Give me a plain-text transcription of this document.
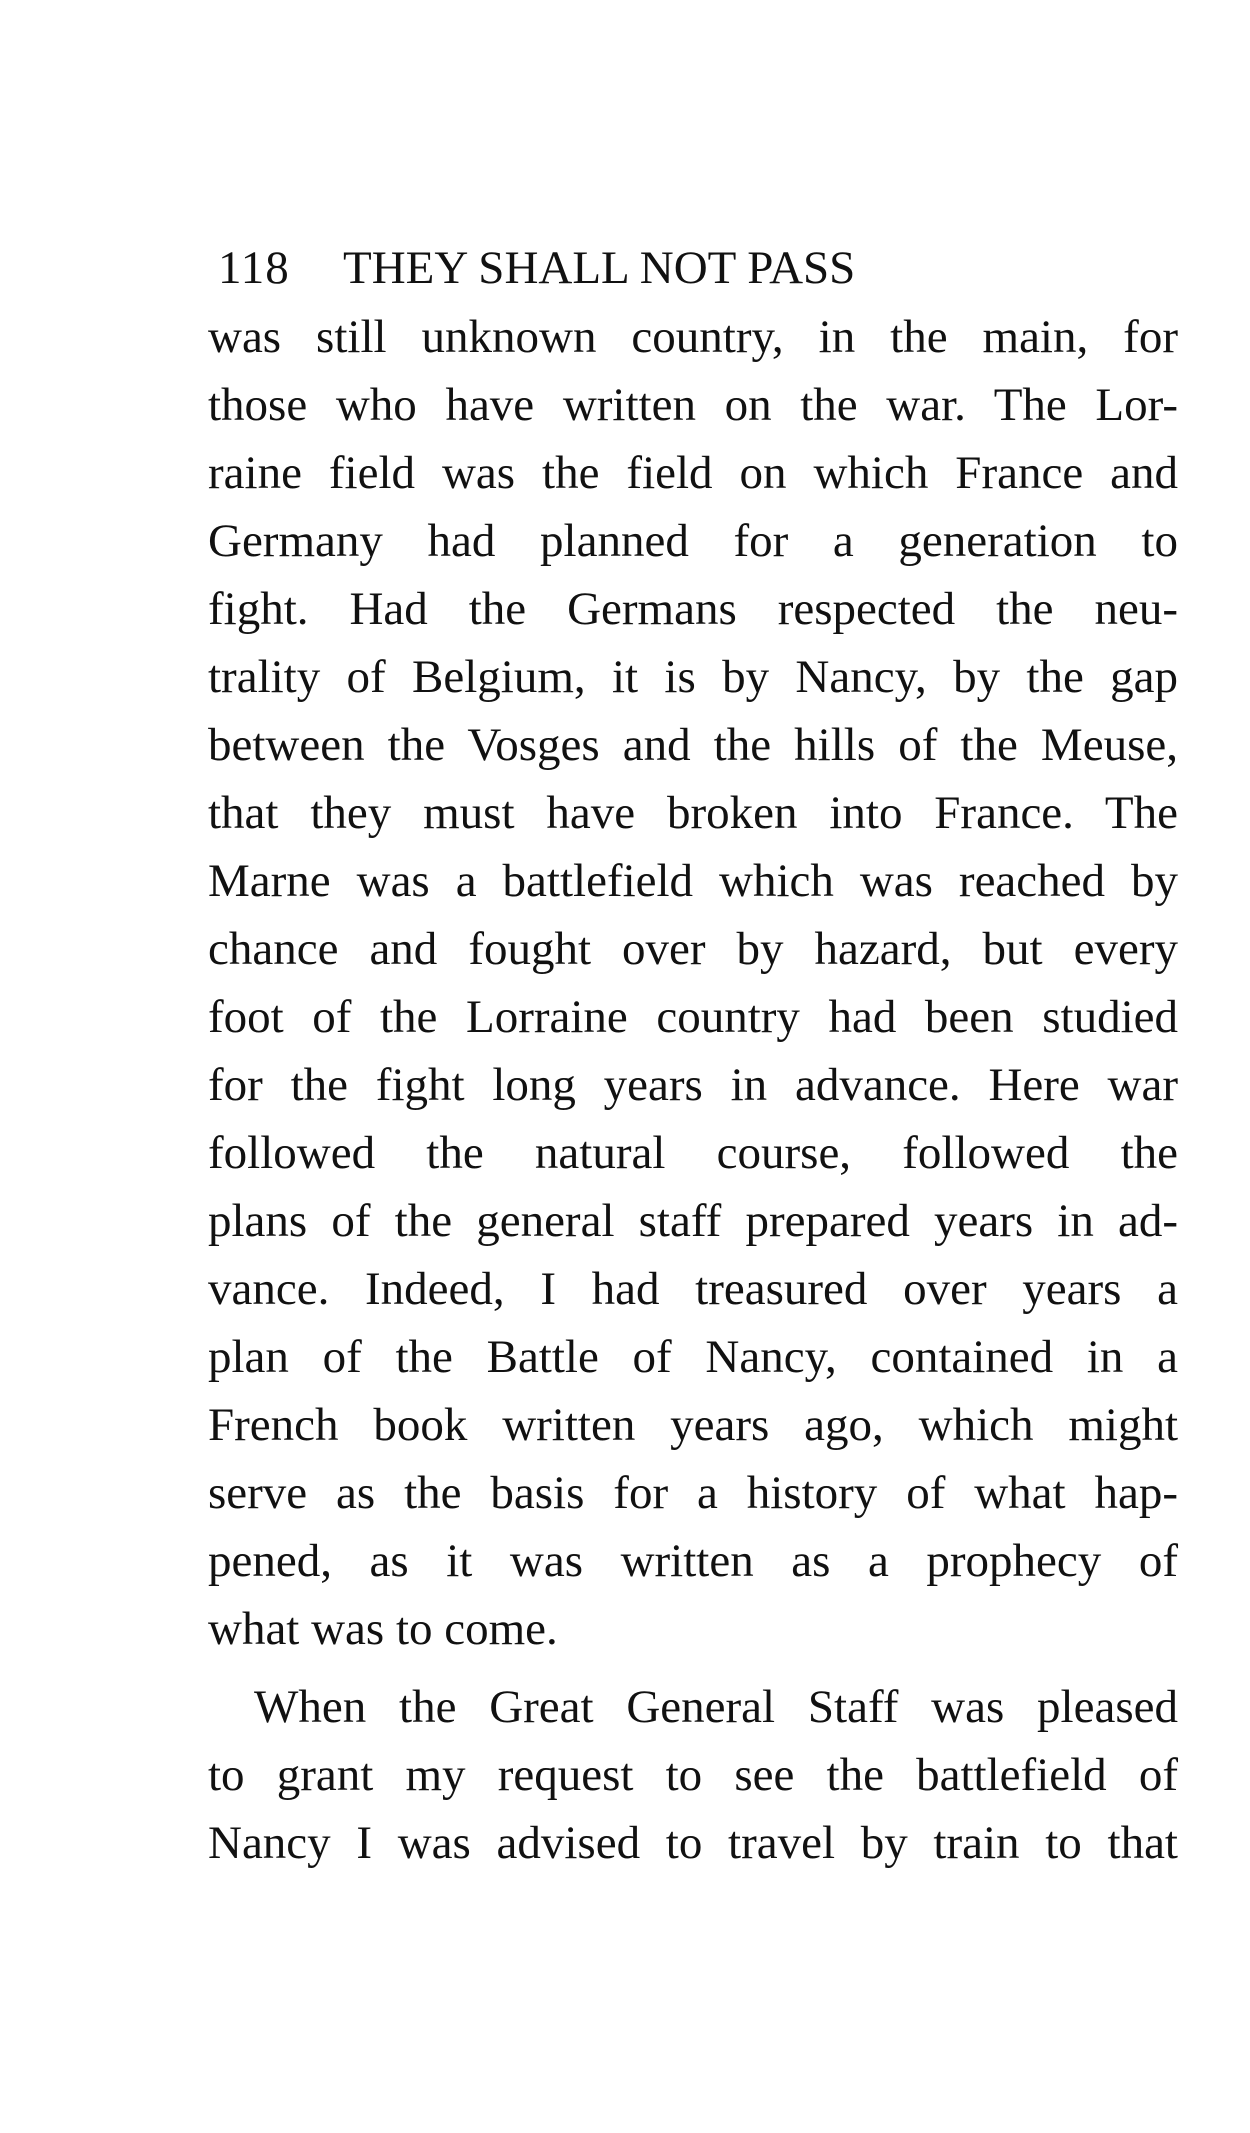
118 THEY SHALL NOT PASS
was still unknown country, in the main, for
those who have written on the war. The Lor-
raine field was the field on which France and
Germany had planned for a generation to
fight. Had the Germans respected the neu-
trality of Belgium, it is by Nancy, by the gap
between the Vosges and the hills of the Meuse,
that they must have broken into France. The
Marne was a battlefield which was reached by
chance and fought over by hazard, but every
foot of the Lorraine country had been studied
for the fight long years in advance. Here war
followed the natural course, followed the
plans of the general staff prepared years in ad-
vance. Indeed, I had treasured over years a
plan of the Battle of Nancy, contained in a
French book written years ago, which might
serve as the basis for a history of what hap-
pened, as it was written as a prophecy of
what was to come.
When the Great General Staff was pleased
to grant my request to see the battlefield of
Nancy I was advised to travel by train to that
